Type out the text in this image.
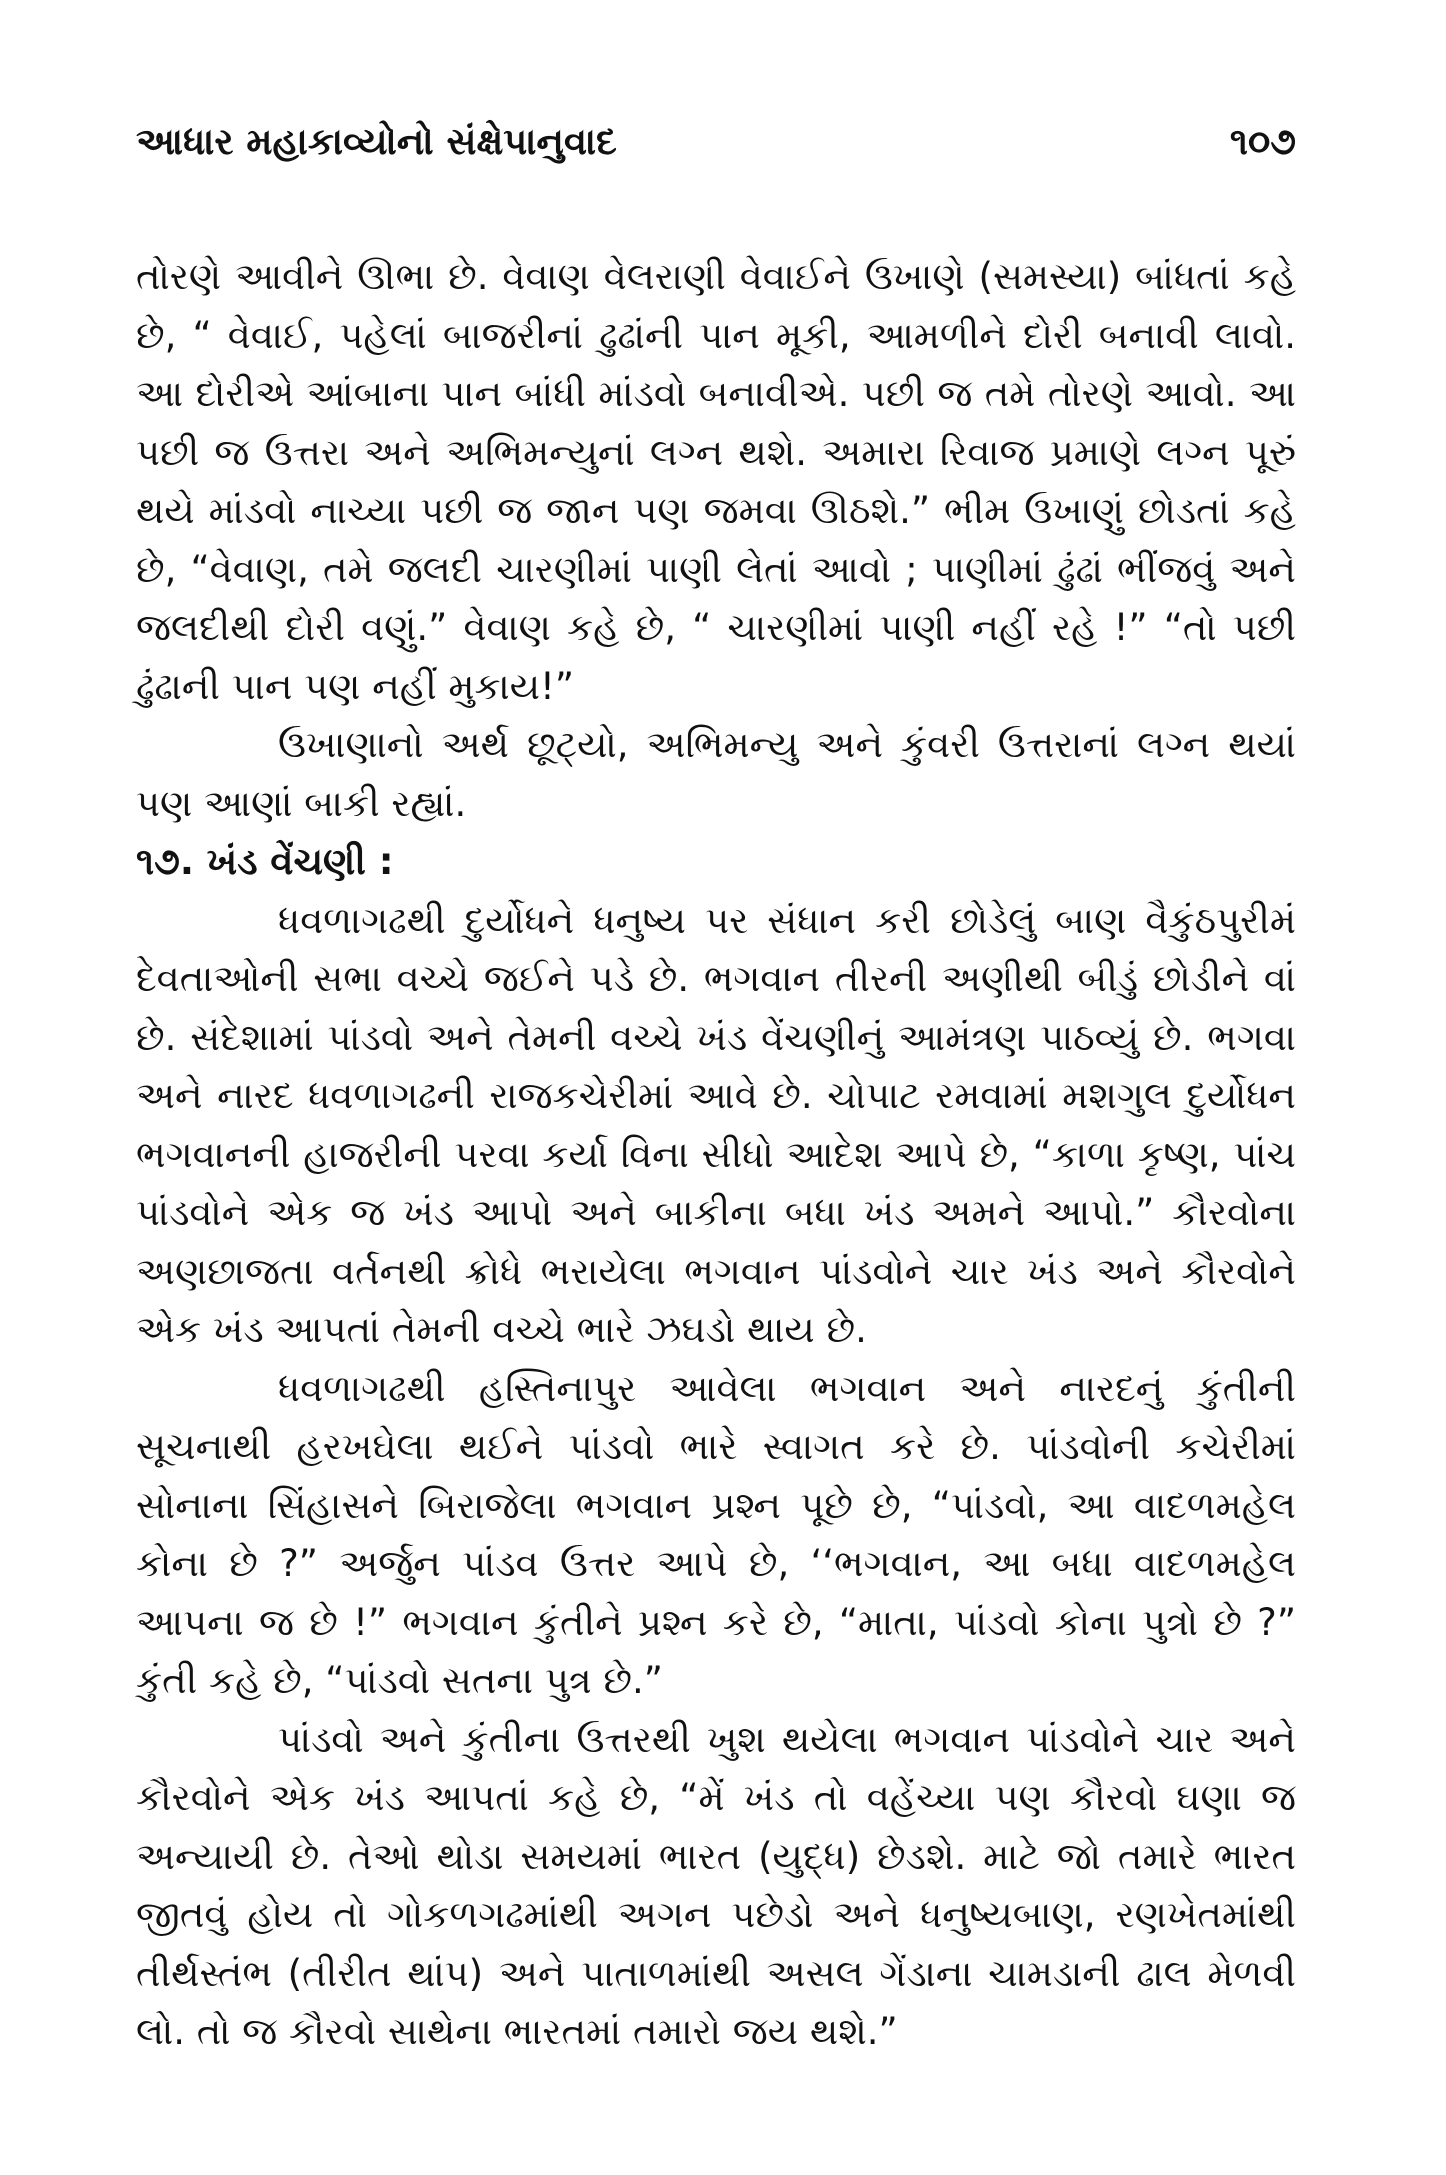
આધાર મહાકાવ્યોનો સંક્ષેપાનુવાદ	૧૦૭

તોરણે આવીને ઊભા છે. વેવાણ વેલરાણી વેવાઈને ઉખાણે (સમસ્યા) બાંધતાં કહે છે, “ વેવાઈ, પહેલાં બાજરીનાં ઢુઢાંની પાન મૂકી, આમળીને દોરી બનાવી લાવો. આ દોરીએ આંબાના પાન બાંધી માંડવો બનાવીએ. પછી જ તમે તોરણે આવો. આ પછી જ ઉત્તરા અને અભિમન્યુનાં લગ્ન થશે. અમારા રિવાજ પ્રમાણે લગ્ન પૂરું થયે માંડવો નાચ્યા પછી જ જાન પણ જમવા ઊઠશે.” ભીમ ઉખાણું છોડતાં કહે છે, “વેવાણ, તમે જલદી ચારણીમાં પાણી લેતાં આવો ; પાણીમાં ઢુંઢાં ભીંજવું અને જલદીથી દોરી વણું.” વેવાણ કહે છે, “ ચારણીમાં પાણી નહીં રહે !” “તો પછી ઢુંઢાની પાન પણ નહીં મુકાય!”

ઉખાણાનો અર્થ છૂટ્યો, અભિમન્યુ અને કુંવરી ઉત્તરાનાં લગ્ન થયાં પણ આણાં બાકી રહ્યાં.

૧૭. ખંડ વેંચણી :

ધવળાગઢથી દુર્યોધને ધનુષ્ય પર સંધાન કરી છોડેલું બાણ વૈકુંઠપુરીમં દેવતાઓની સભા વચ્ચે જઈને પડે છે. ભગવાન તીરની અણીથી બીડું છોડીને વાં છે. સંદેશામાં પાંડવો અને તેમની વચ્ચે ખંડ વેંચણીનું આમંત્રણ પાઠવ્યું છે. ભગવા અને નારદ ધવળાગઢની રાજકચેરીમાં આવે છે. ચોપાટ રમવામાં મશગુલ દુર્યોધન ભગવાનની હાજરીની પરવા કર્યા વિના સીધો આદેશ આપે છે, “કાળા કૃષ્ણ, પાંચ પાંડવોને એક જ ખંડ આપો અને બાકીના બધા ખંડ અમને આપો.” કૌરવોના અણછાજતા વર્તનથી ક્રોધે ભરાયેલા ભગવાન પાંડવોને ચાર ખંડ અને કૌરવોને એક ખંડ આપતાં તેમની વચ્ચે ભારે ઝઘડો થાય છે.

ધવળાગઢથી હસ્તિનાપુર આવેલા ભગવાન અને નારદનું કુંતીની સૂચનાથી હરખઘેલા થઈને પાંડવો ભારે સ્વાગત કરે છે. પાંડવોની કચેરીમાં સોનાના સિંહાસને બિરાજેલા ભગવાન પ્રશ્ન પૂછે છે, “પાંડવો, આ વાદળમહેલ કોના છે ?” અર્જુન પાંડવ ઉત્તર આપે છે, ‘‘ભગવાન, આ બધા વાદળમહેલ આપના જ છે !” ભગવાન કુંતીને પ્રશ્ન કરે છે, “માતા, પાંડવો કોના પુત્રો છે ?” કુંતી કહે છે, “પાંડવો સતના પુત્ર છે.”

પાંડવો અને કુંતીના ઉત્તરથી ખુશ થયેલા ભગવાન પાંડવોને ચાર અને કૌરવોને એક ખંડ આપતાં કહે છે, “મેં ખંડ તો વહેંચ્યા પણ કૌરવો ઘણા જ અન્યાયી છે. તેઓ થોડા સમયમાં ભારત (યુદ્ધ) છેડશે. માટે જો તમારે ભારત જીતવું હોય તો ગોકળગઢમાંથી અગન પછેડો અને ધનુષ્યબાણ, રણખેતમાંથી તીર્થસ્તંભ (તીરીત થાંપ) અને પાતાળમાંથી અસલ ગેંડાના ચામડાની ઢાલ મેળવી લો. તો જ કૌરવો સાથેના ભારતમાં તમારો જય થશે.”
